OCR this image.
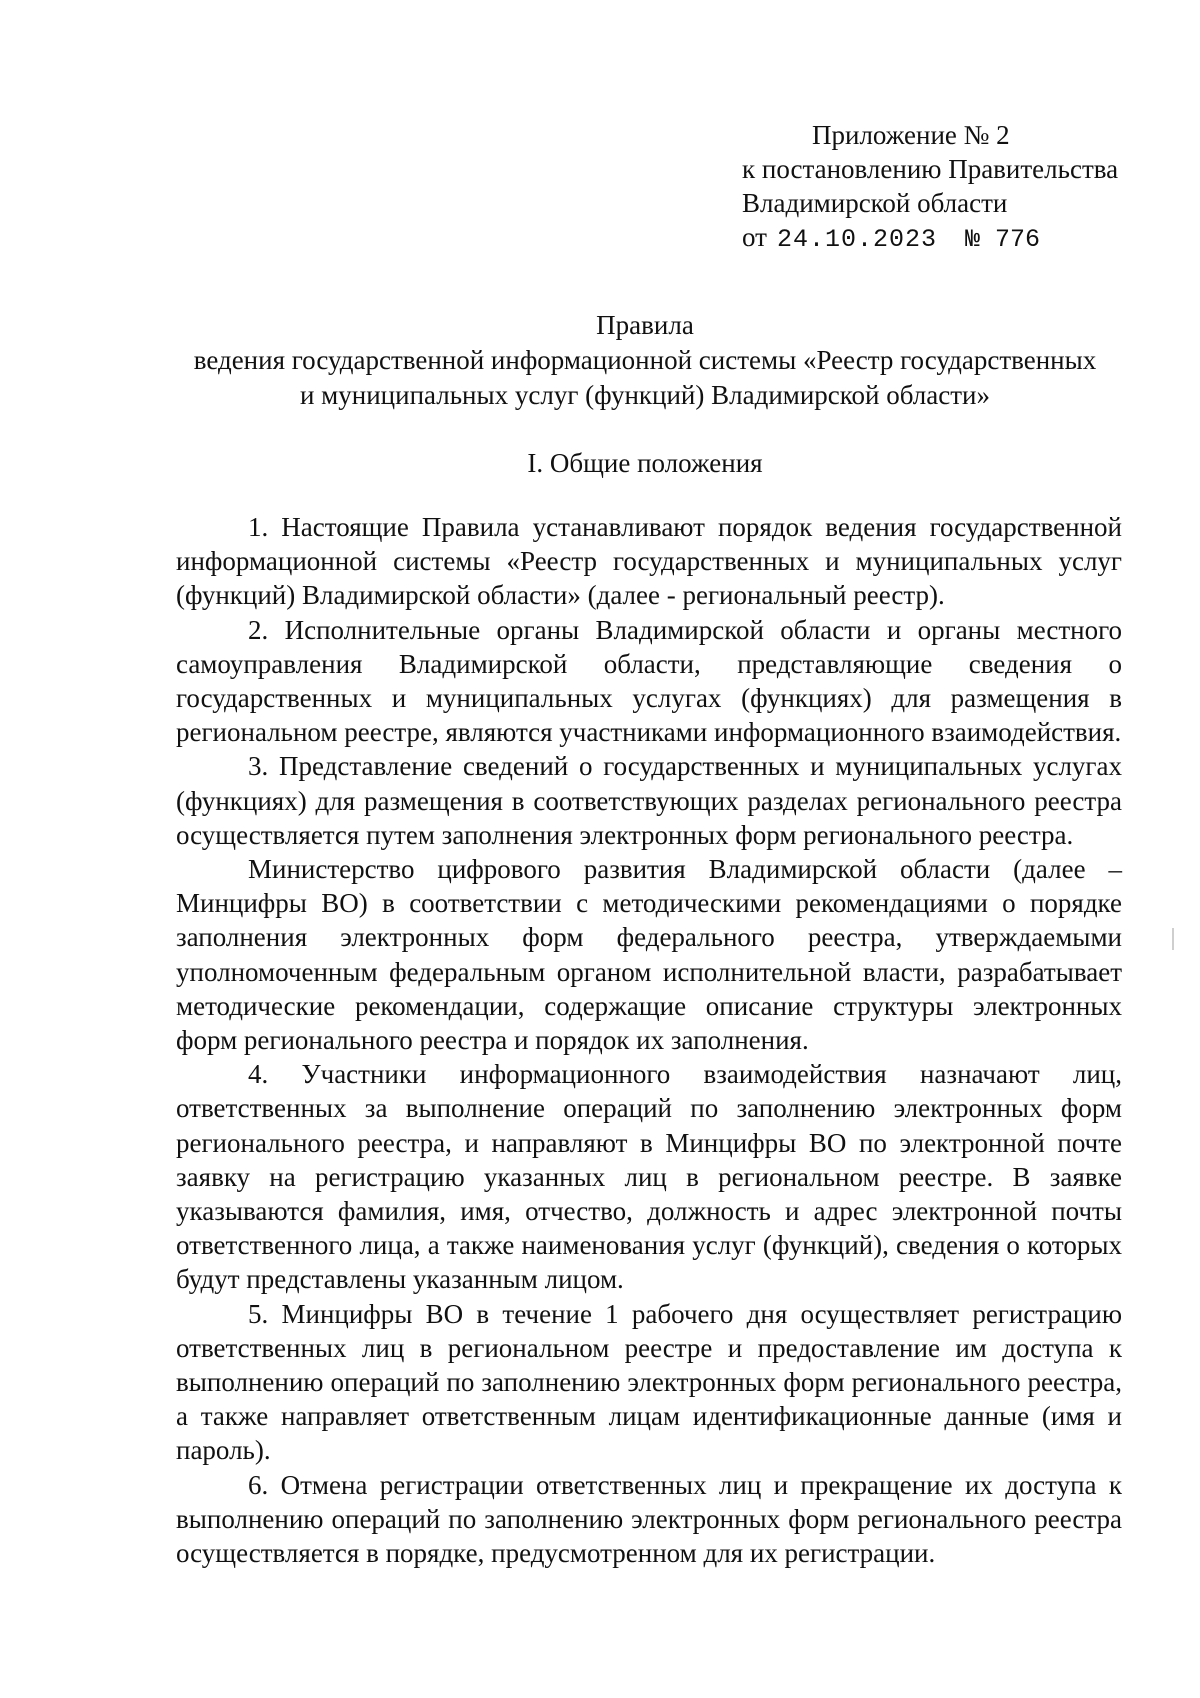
Приложение № 2
к постановлению Правительства
Владимирской области
от 24.10.2023 № 776
Правила
ведения государственной информационной системы «Реестр государственных
и муниципальных услуг (функций) Владимирской области»
I. Общие положения

1. Настоящие Правила устанавливают порядок ведения государственной информационной системы «Реестр государственных и муниципальных услуг (функций) Владимирской области» (далее - региональный реестр).

2. Исполнительные органы Владимирской области и органы местного самоуправления Владимирской области, представляющие сведения о государственных и муниципальных услугах (функциях) для размещения в региональном реестре, являются участниками информационного взаимодействия.

3. Представление сведений о государственных и муниципальных услугах (функциях) для размещения в соответствующих разделах регионального реестра осуществляется путем заполнения электронных форм регионального реестра.

Министерство цифрового развития Владимирской области (далее – Минцифры ВО) в соответствии с методическими рекомендациями о порядке заполнения электронных форм федерального реестра, утверждаемыми уполномоченным федеральным органом исполнительной власти, разрабатывает методические рекомендации, содержащие описание структуры электронных форм регионального реестра и порядок их заполнения.

4. Участники информационного взаимодействия назначают лиц, ответственных за выполнение операций по заполнению электронных форм регионального реестра, и направляют в Минцифры ВО по электронной почте заявку на регистрацию указанных лиц в региональном реестре. В заявке указываются фамилия, имя, отчество, должность и адрес электронной почты ответственного лица, а также наименования услуг (функций), сведения о которых будут представлены указанным лицом.

5. Минцифры ВО в течение 1 рабочего дня осуществляет регистрацию ответственных лиц в региональном реестре и предоставление им доступа к выполнению операций по заполнению электронных форм регионального реестра, а также направляет ответственным лицам идентификационные данные (имя и пароль).

6. Отмена регистрации ответственных лиц и прекращение их доступа к выполнению операций по заполнению электронных форм регионального реестра осуществляется в порядке, предусмотренном для их регистрации.
